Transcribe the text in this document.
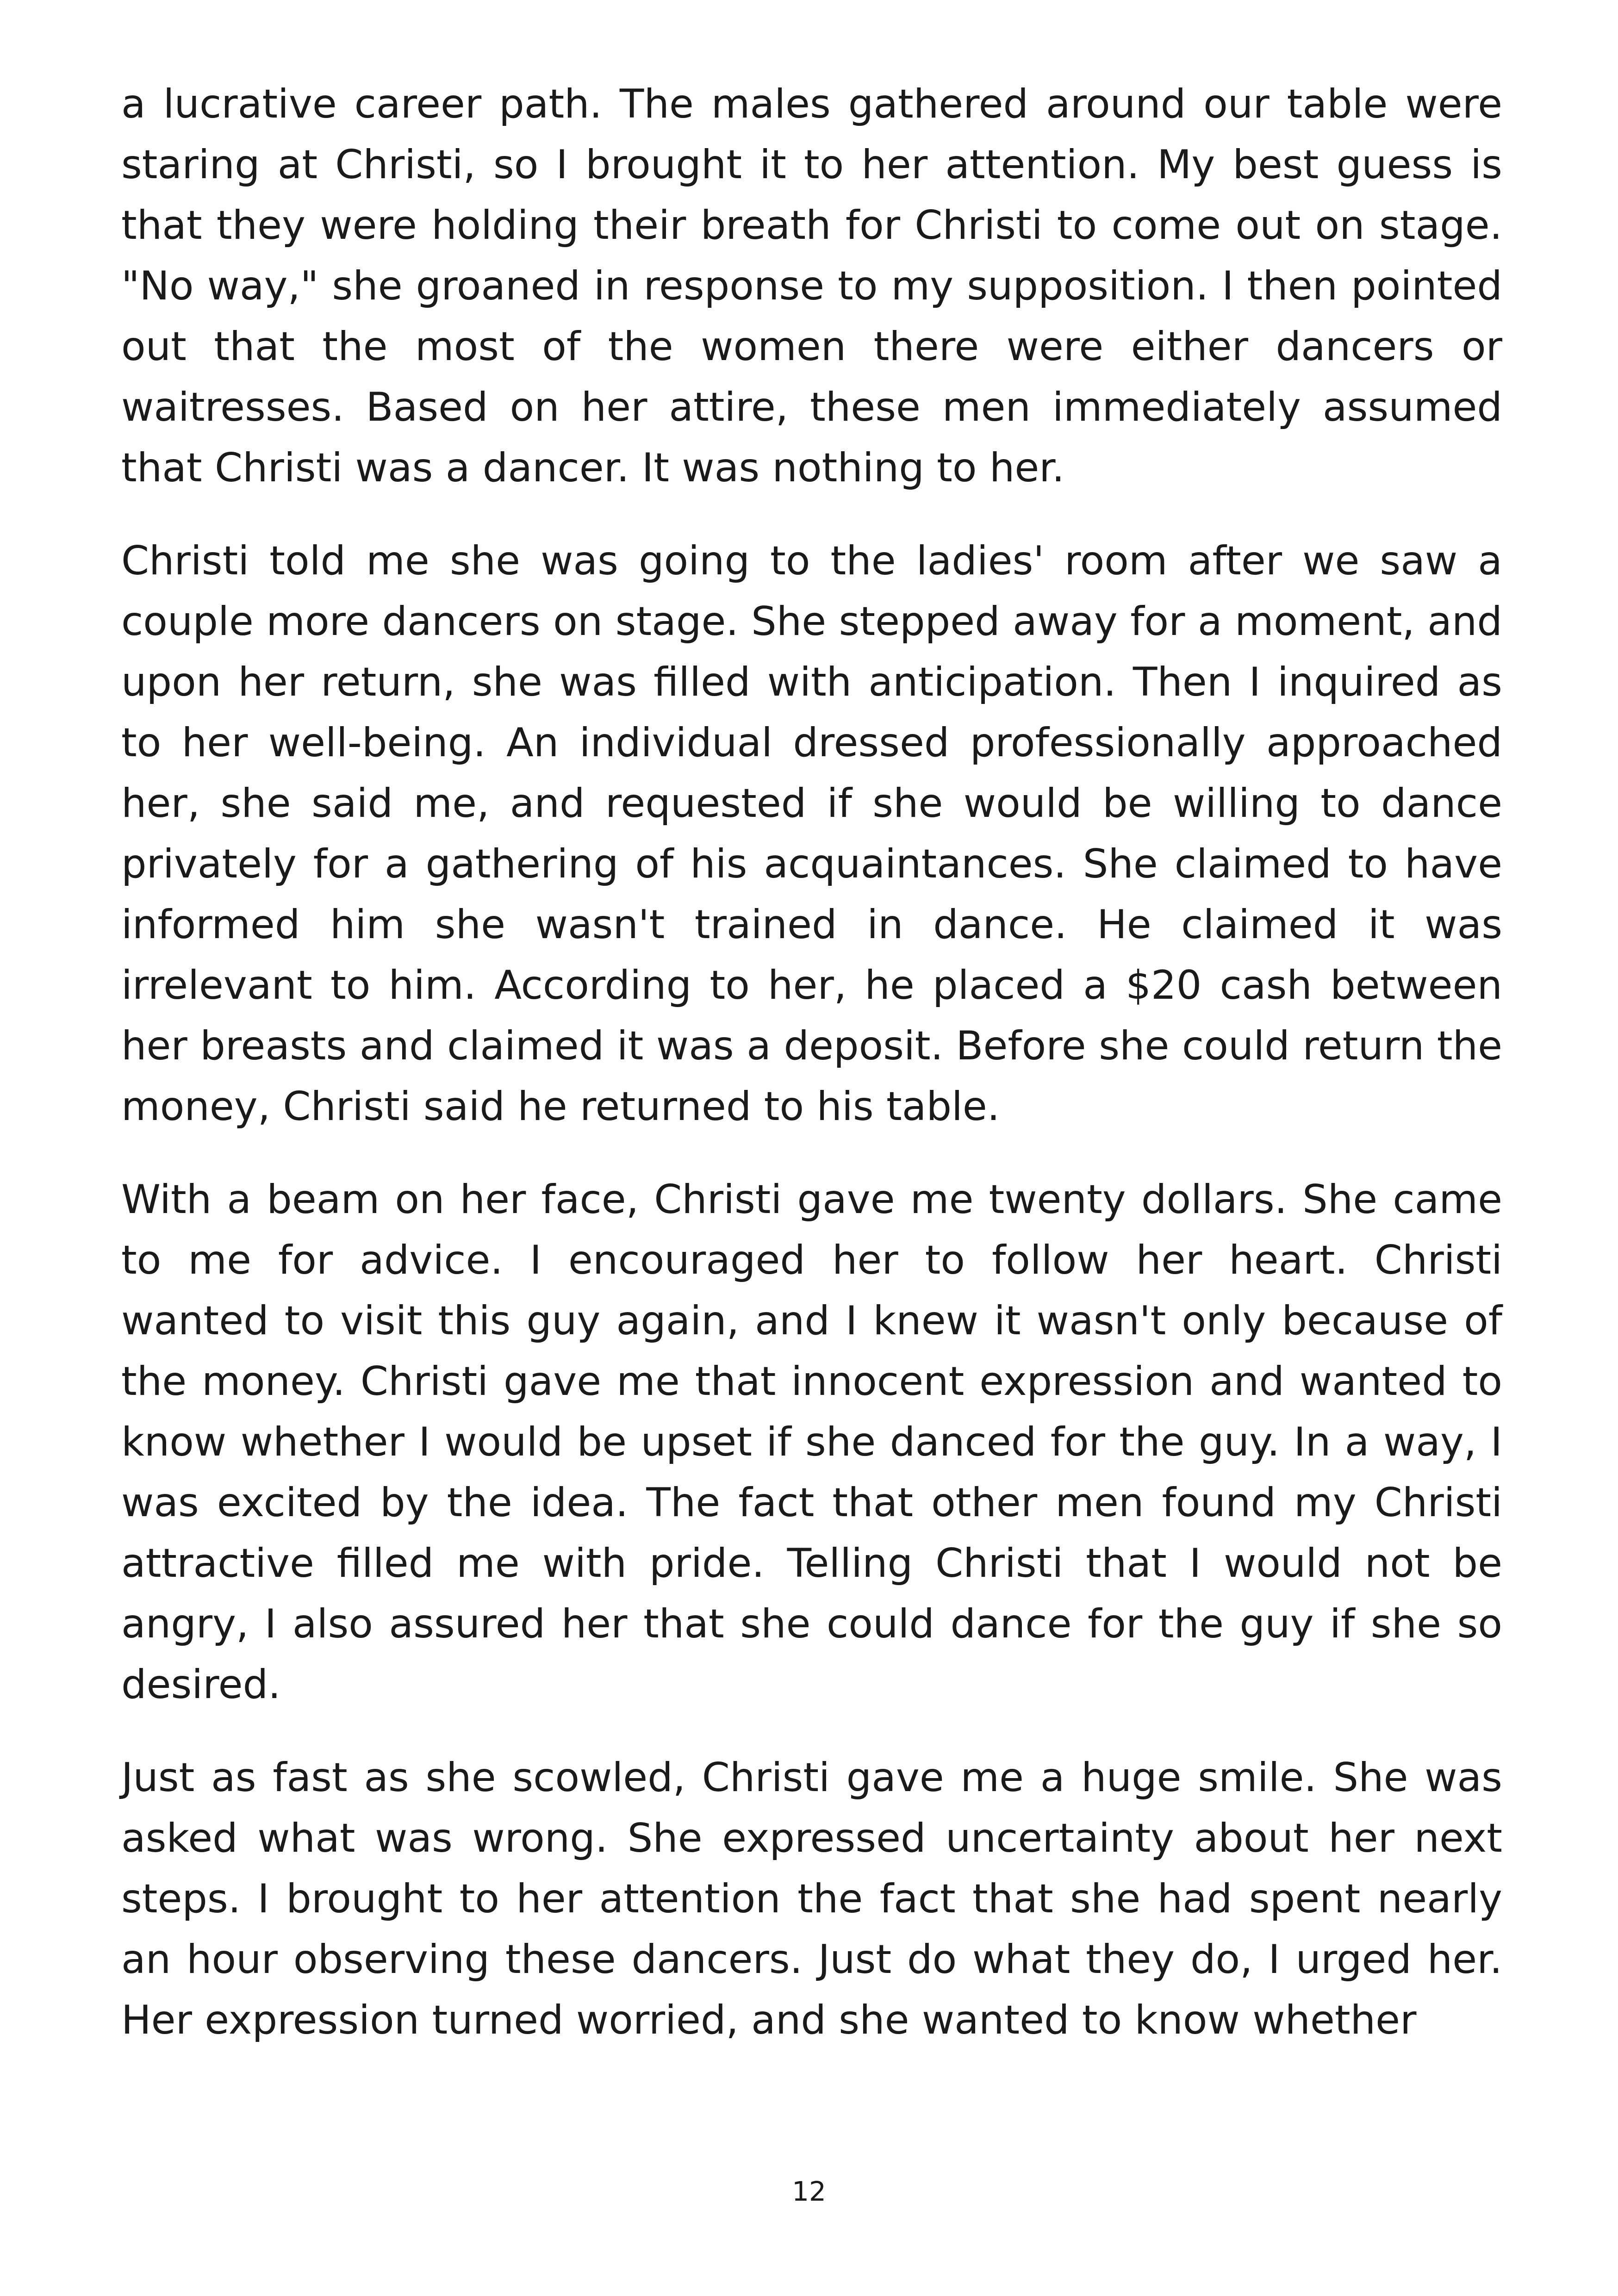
a lucrative career path. The males gathered around our table were staring at Christi, so I brought it to her attention. My best guess is that they were holding their breath for Christi to come out on stage. "No way," she groaned in response to my supposition. I then pointed out that the most of the women there were either dancers or waitresses. Based on her attire, these men immediately assumed that Christi was a dancer. It was nothing to her.

Christi told me she was going to the ladies' room after we saw a couple more dancers on stage. She stepped away for a moment, and upon her return, she was filled with anticipation. Then I inquired as to her well-being. An individual dressed professionally approached her, she said me, and requested if she would be willing to dance privately for a gathering of his acquaintances. She claimed to have informed him she wasn't trained in dance. He claimed it was irrelevant to him. According to her, he placed a $20 cash between her breasts and claimed it was a deposit. Before she could return the money, Christi said he returned to his table.

With a beam on her face, Christi gave me twenty dollars. She came to me for advice. I encouraged her to follow her heart. Christi wanted to visit this guy again, and I knew it wasn't only because of the money. Christi gave me that innocent expression and wanted to know whether I would be upset if she danced for the guy. In a way, I was excited by the idea. The fact that other men found my Christi attractive filled me with pride. Telling Christi that I would not be angry, I also assured her that she could dance for the guy if she so desired.

Just as fast as she scowled, Christi gave me a huge smile. She was asked what was wrong. She expressed uncertainty about her next steps. I brought to her attention the fact that she had spent nearly an hour observing these dancers. Just do what they do, I urged her. Her expression turned worried, and she wanted to know whether

12
